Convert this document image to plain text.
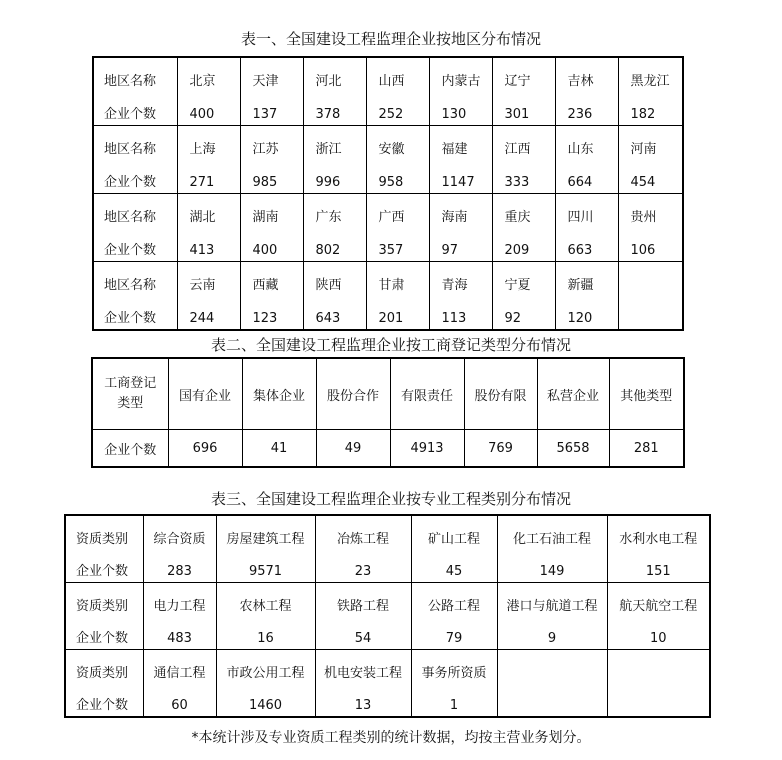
表一、全国建设工程监理企业按地区分布情况
地区名称	北京	天津	河北	山西	内蒙古	辽宁	吉林	黑龙江
企业个数	400	137	378	252	130	301	236	182
地区名称	上海	江苏	浙江	安徽	福建	江西	山东	河南
企业个数	271	985	996	958	1147	333	664	454
地区名称	湖北	湖南	广东	广西	海南	重庆	四川	贵州
企业个数	413	400	802	357	97	209	663	106
地区名称	云南	西藏	陕西	甘肃	青海	宁夏	新疆	
企业个数	244	123	643	201	113	92	120	
表二、全国建设工程监理企业按工商登记类型分布情况
工商登记
类型	国有企业	集体企业	股份合作	有限责任	股份有限	私营企业	其他类型
企业个数	696	41	49	4913	769	5658	281
表三、全国建设工程监理企业按专业工程类别分布情况
资质类别	综合资质	房屋建筑工程	冶炼工程	矿山工程	化工石油工程	水利水电工程
企业个数	283	9571	23	45	149	151
资质类别	电力工程	农林工程	铁路工程	公路工程	港口与航道工程	航天航空工程
企业个数	483	16	54	79	9	10
资质类别	通信工程	市政公用工程	机电安装工程	事务所资质		
企业个数	60	1460	13	1		
*本统计涉及专业资质工程类别的统计数据，均按主营业务划分。
